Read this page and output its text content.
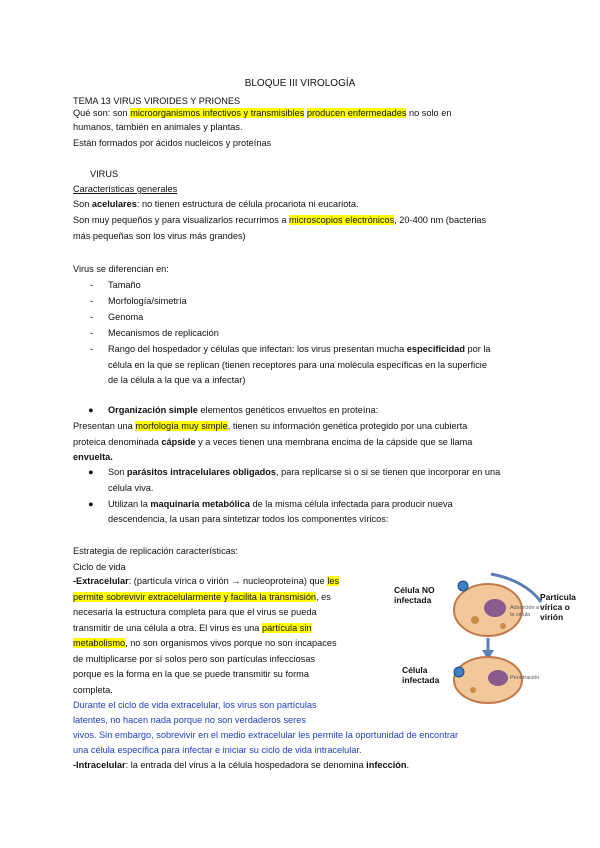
BLOQUE III VIROLOGÍA
TEMA 13 VIRUS VIROIDES Y PRIONES
Qué son: son microorganismos infectivos y transmisibles producen enfermedades no solo en
humanos, también en animales y plantas.
Están formados por ácidos nucleicos y proteínas
VIRUS
Características generales
Son acelulares: no tienen estructura de célula procariota ni eucariota.
Son muy pequeños y para visualizarlos recurrimos a microscopios electrónicos, 20-400 nm (bacterias
más pequeñas son los virus más grandes)
Virus se diferencian en:
- Tamaño
- Morfología/simetría
- Genoma
- Mecanismos de replicación
- Rango del hospedador y células que infectan: los virus presentan mucha especificidad por la
célula en la que se replican (tienen receptores para una molécula específicas en la superficie
de la célula a la que va a infectar)
● Organización simple elementos genéticos envueltos en proteína:
Presentan una morfología muy simple, tienen su información genética protegido por una cubierta
proteica denominada cápside y a veces tienen una membrana encima de la cápside que se llama
envuelta.
● Son parásitos intracelulares obligados, para replicarse si o si se tienen que incorporar en una
célula viva.
● Utilizan la maquinaria metabólica de la misma célula infectada para producir nueva
descendencia, la usan para sintetizar todos los componentes víricos:
Estrategia de replicación características:
Ciclo de vida
-Extracelular: (partícula vírica o virión → nucleoproteína) que les
permite sobrevivir extracelularmente y facilita la transmisión, es
necesaria la estructura completa para que el virus se pueda
transmitir de una célula a otra. El virus es una partícula sin
metabolismo, no son organismos vivos porque no son incapaces
de multiplicarse por sí solos pero son partículas infecciosas
porque es la forma en la que se puede transmitir su forma
completa.
Durante el ciclo de vida extracelular, los virus son partículas
latentes, no hacen nada porque no son verdaderos seres
vivos. Sin embargo, sobrevivir en el medio extracelular les permite la oportunidad de encontrar
una célula específica para infectar e iniciar su ciclo de vida intracelular.
-Intracelular: la entrada del virus a la célula hospedadora se denomina infección.
Célula NO infectada	Partícula vírica o virión
Adsorción a la célula
Célula infectada	Penetración
